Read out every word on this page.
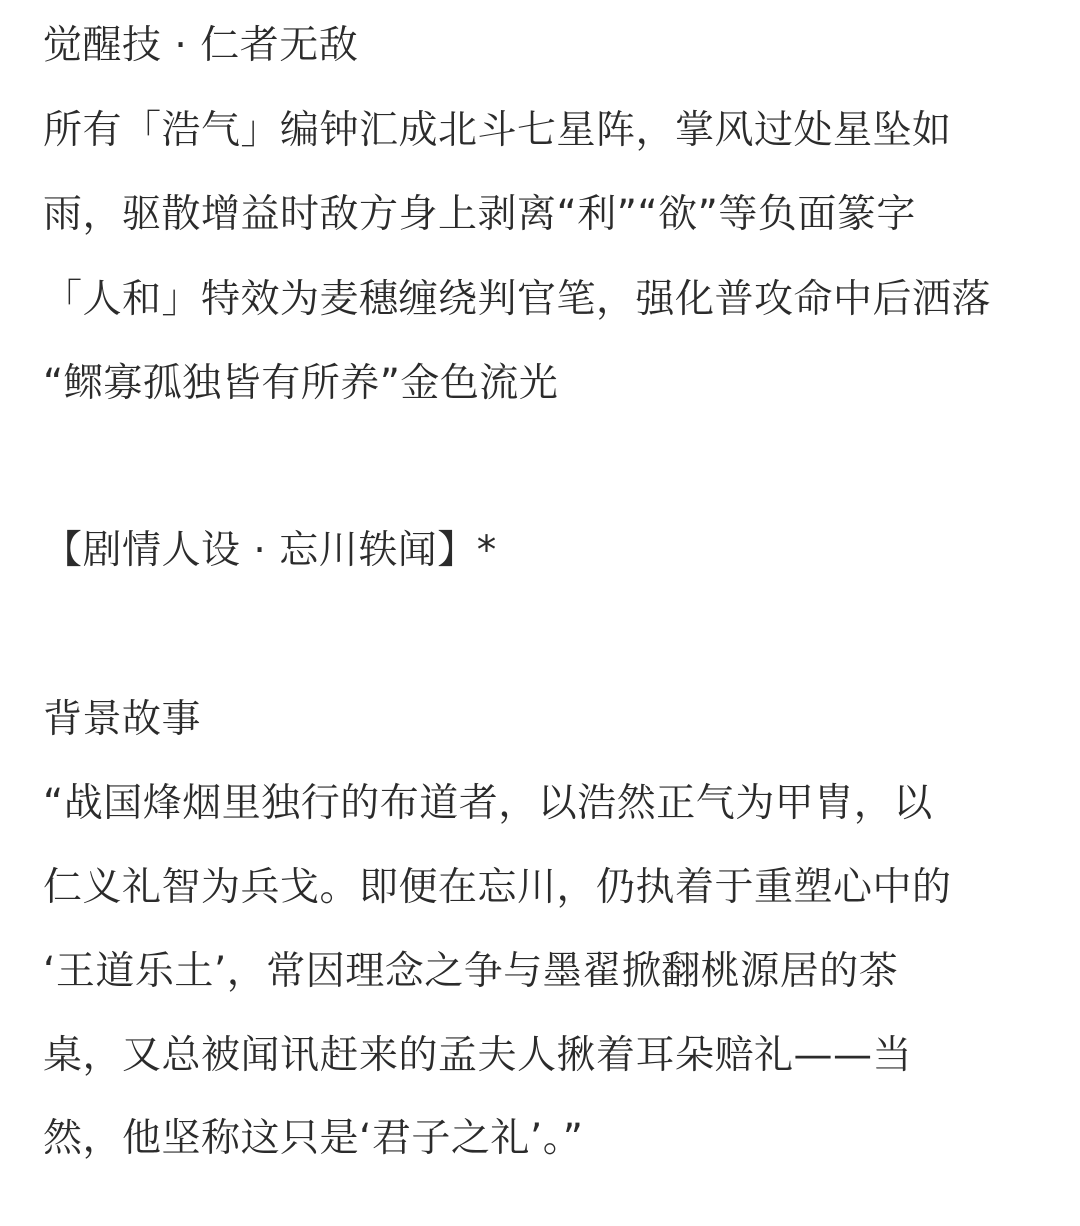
觉醒技 · 仁者无敌
所有「浩气」编钟汇成北斗七星阵，掌风过处星坠如
雨，驱散增益时敌方身上剥离“利”“欲”等负面篆字
「人和」特效为麦穗缠绕判官笔，强化普攻命中后洒落
“鳏寡孤独皆有所养”金色流光
【剧情人设 · 忘川轶闻】*
背景故事
“战国烽烟里独行的布道者，以浩然正气为甲胄，以
仁义礼智为兵戈。即便在忘川，仍执着于重塑心中的
‘王道乐土’，常因理念之争与墨翟掀翻桃源居的茶
桌，又总被闻讯赶来的孟夫人揪着耳朵赔礼——当
然，他坚称这只是‘君子之礼’。”
